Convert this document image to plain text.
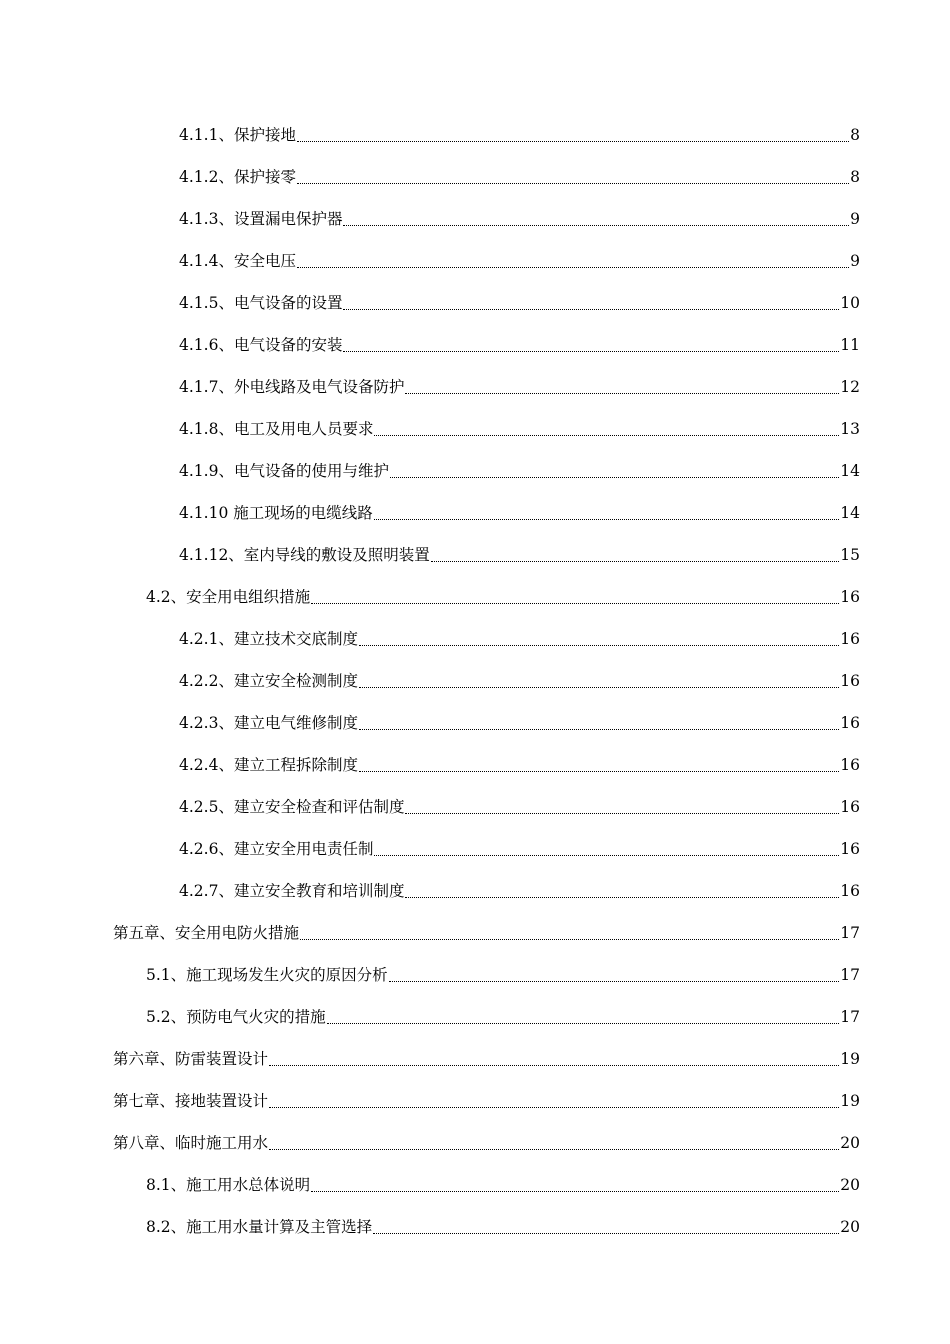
4.1.1、保护接地	8
4.1.2、保护接零	8
4.1.3、设置漏电保护器	9
4.1.4、安全电压	9
4.1.5、电气设备的设置	10
4.1.6、电气设备的安装	11
4.1.7、外电线路及电气设备防护	12
4.1.8、电工及用电人员要求	13
4.1.9、电气设备的使用与维护	14
4.1.10 施工现场的电缆线路	14
4.1.12、室内导线的敷设及照明装置	15
4.2、安全用电组织措施	16
4.2.1、建立技术交底制度	16
4.2.2、建立安全检测制度	16
4.2.3、建立电气维修制度	16
4.2.4、建立工程拆除制度	16
4.2.5、建立安全检查和评估制度	16
4.2.6、建立安全用电责任制	16
4.2.7、建立安全教育和培训制度	16
第五章、安全用电防火措施	17
5.1、施工现场发生火灾的原因分析	17
5.2、预防电气火灾的措施	17
第六章、防雷装置设计	19
第七章、接地装置设计	19
第八章、临时施工用水	20
8.1、施工用水总体说明	20
8.2、施工用水量计算及主管选择	20
